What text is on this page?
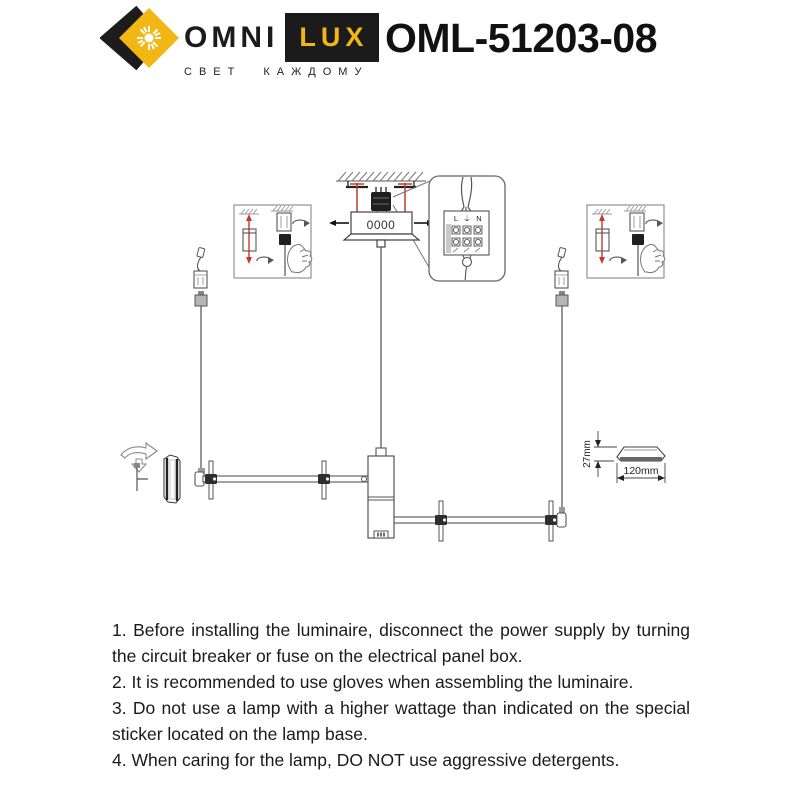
OMNI LUX
СВЕТ КАЖДОМУ
OML-51203-08
0000	L ⏚ N
27mm
120mm

1. Before installing the luminaire, disconnect the power supply by turning the circuit breaker or fuse on the electrical panel box.

2. It is recommended to use gloves when assembling the luminaire.

3. Do not use a lamp with a higher wattage than indicated on the special sticker located on the lamp base.

4. When caring for the lamp, DO NOT use aggressive detergents.
